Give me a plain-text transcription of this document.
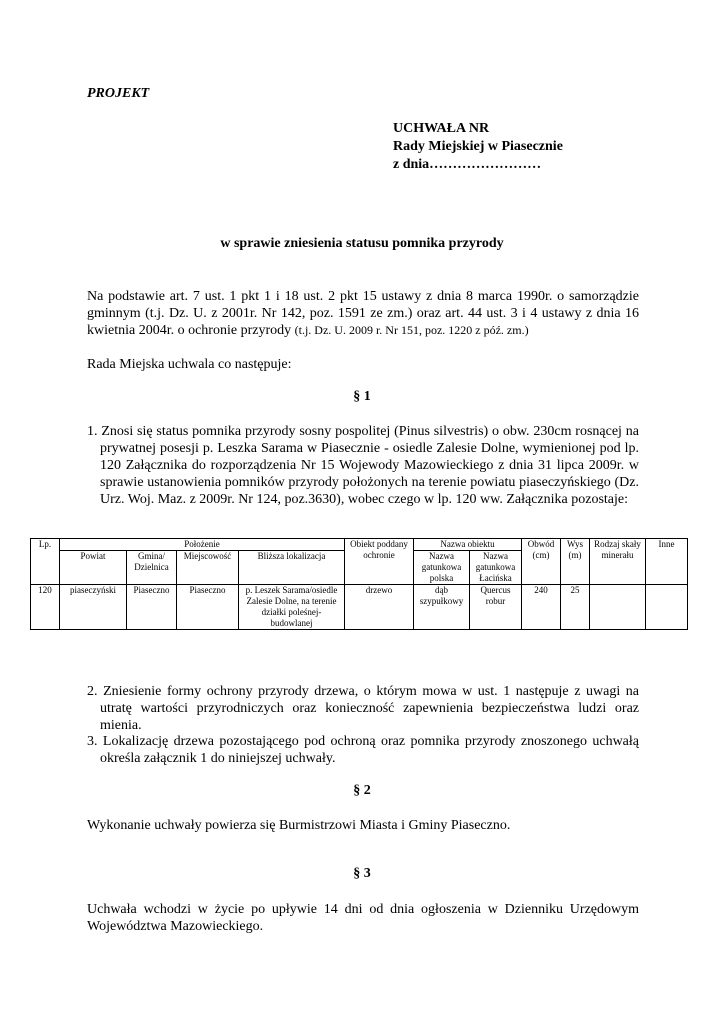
PROJEKT
UCHWAŁA NR
Rady Miejskiej w Piasecznie
z dnia……………………
w sprawie zniesienia statusu pomnika przyrody
Na podstawie art. 7 ust. 1 pkt 1 i 18 ust. 2 pkt 15 ustawy z dnia 8 marca 1990r. o samorządzie gminnym (t.j. Dz. U. z 2001r. Nr 142, poz. 1591 ze zm.) oraz art. 44 ust. 3 i 4 ustawy z dnia 16 kwietnia 2004r. o ochronie przyrody (t.j. Dz. U. 2009 r. Nr 151, poz. 1220 z póź. zm.)
Rada Miejska uchwala co następuje:
§ 1
1. Znosi się status pomnika przyrody sosny pospolitej (Pinus silvestris) o obw. 230cm rosnącej na prywatnej posesji p. Leszka Sarama w Piasecznie - osiedle Zalesie Dolne, wymienionej pod lp. 120 Załącznika do rozporządzenia Nr 15 Wojewody Mazowieckiego z dnia 31 lipca 2009r. w sprawie ustanowienia pomników przyrody położonych na terenie powiatu piaseczyńskiego (Dz. Urz. Woj. Maz. z 2009r. Nr 124, poz.3630), wobec czego w lp. 120 ww. Załącznika pozostaje:
Lp.	Położenie				Obiekt poddany ochronie	Nazwa obiektu		Obwód (cm)	Wys (m)	Rodzaj skały minerału	Inne
	Powiat	Gmina/ Dzielnica	Miejscowość	Bliższa lokalizacja		Nazwa gatunkowa polska	Nazwa gatunkowa Łacińska				
120	piaseczyński	Piaseczno	Piaseczno	p. Leszek Sarama/osiedle Zalesie Dolne, na terenie działki poleśnej- budowlanej	drzewo	dąb szypułkowy	Quercus robur	240	25		
2. Zniesienie formy ochrony przyrody drzewa, o którym mowa w ust. 1 następuje z uwagi na utratę wartości przyrodniczych oraz konieczność zapewnienia bezpieczeństwa ludzi oraz mienia.
3. Lokalizację drzewa pozostającego pod ochroną oraz pomnika przyrody znoszonego uchwałą określa załącznik 1 do niniejszej uchwały.
§ 2
Wykonanie uchwały powierza się Burmistrzowi Miasta i Gminy Piaseczno.
§ 3
Uchwała wchodzi w życie po upływie 14 dni od dnia ogłoszenia w Dzienniku Urzędowym Województwa Mazowieckiego.
